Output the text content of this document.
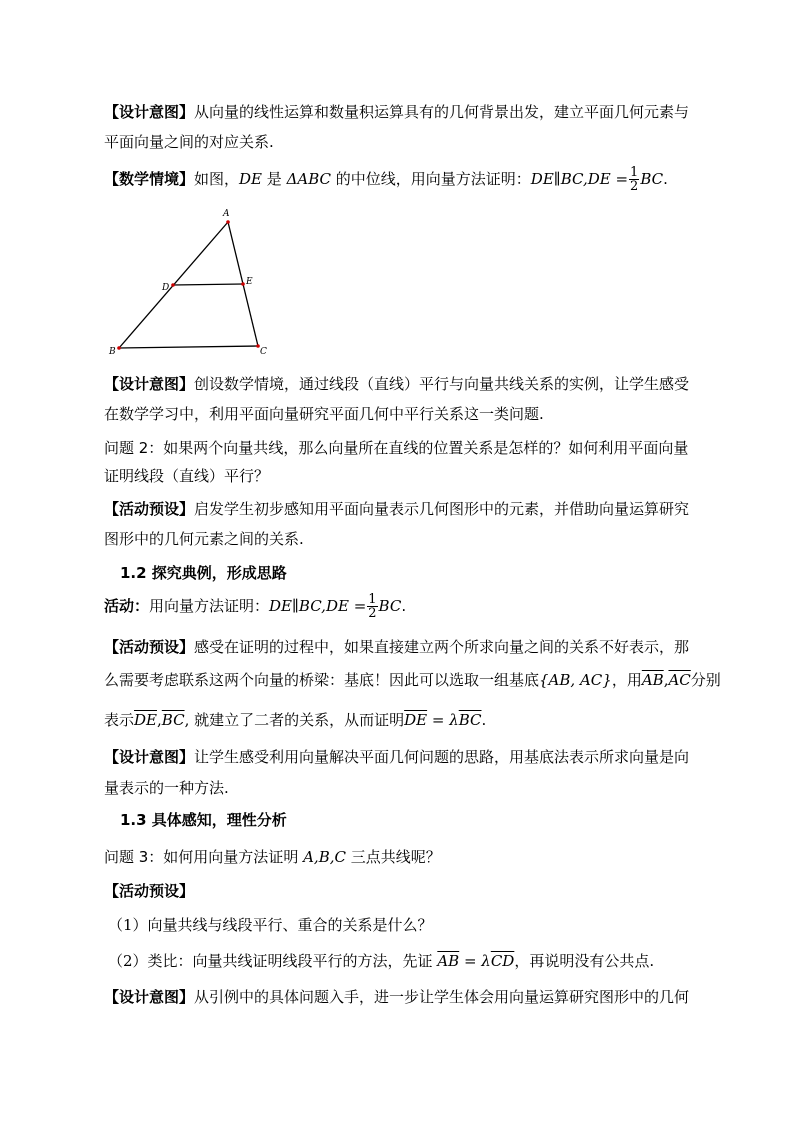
【设计意图】从向量的线性运算和数量积运算具有的几何背景出发，建立平面几何元素与
平面向量之间的对应关系.
【数学情境】如图，DE 是 ΔABC 的中位线，用向量方法证明：DE∥BC,DE = $\frac{1}{2}$ BC.
A
B	C
D
E
【设计意图】创设数学情境，通过线段（直线）平行与向量共线关系的实例，让学生感受
在数学学习中，利用平面向量研究平面几何中平行关系这一类问题.
问题 2：如果两个向量共线，那么向量所在直线的位置关系是怎样的？如何利用平面向量
证明线段（直线）平行？
【活动预设】启发学生初步感知用平面向量表示几何图形中的元素，并借助向量运算研究
图形中的几何元素之间的关系.
1.2 探究典例，形成思路
活动：用向量方法证明：DE∥BC,DE = $\frac{1}{2}$ BC.
【活动预设】感受在证明的过程中，如果直接建立两个所求向量之间的关系不好表示，那
么需要考虑联系这两个向量的桥梁：基底！因此可以选取一组基底{AB, AC}，用$\overline{AB},\overline{AC}$分别
表示$\overline{DE},\overline{BC}$, 就建立了二者的关系，从而证明$\overline{DE} = \lambda\overline{BC}$.
【设计意图】让学生感受利用向量解决平面几何问题的思路，用基底法表示所求向量是向
量表示的一种方法.
1.3 具体感知，理性分析
问题 3：如何用向量方法证明 A,B,C 三点共线呢？
【活动预设】
（1）向量共线与线段平行、重合的关系是什么？
（2）类比：向量共线证明线段平行的方法，先证 $\overline{AB} = \lambda\overline{CD}$，再说明没有公共点.
【设计意图】从引例中的具体问题入手，进一步让学生体会用向量运算研究图形中的几何
